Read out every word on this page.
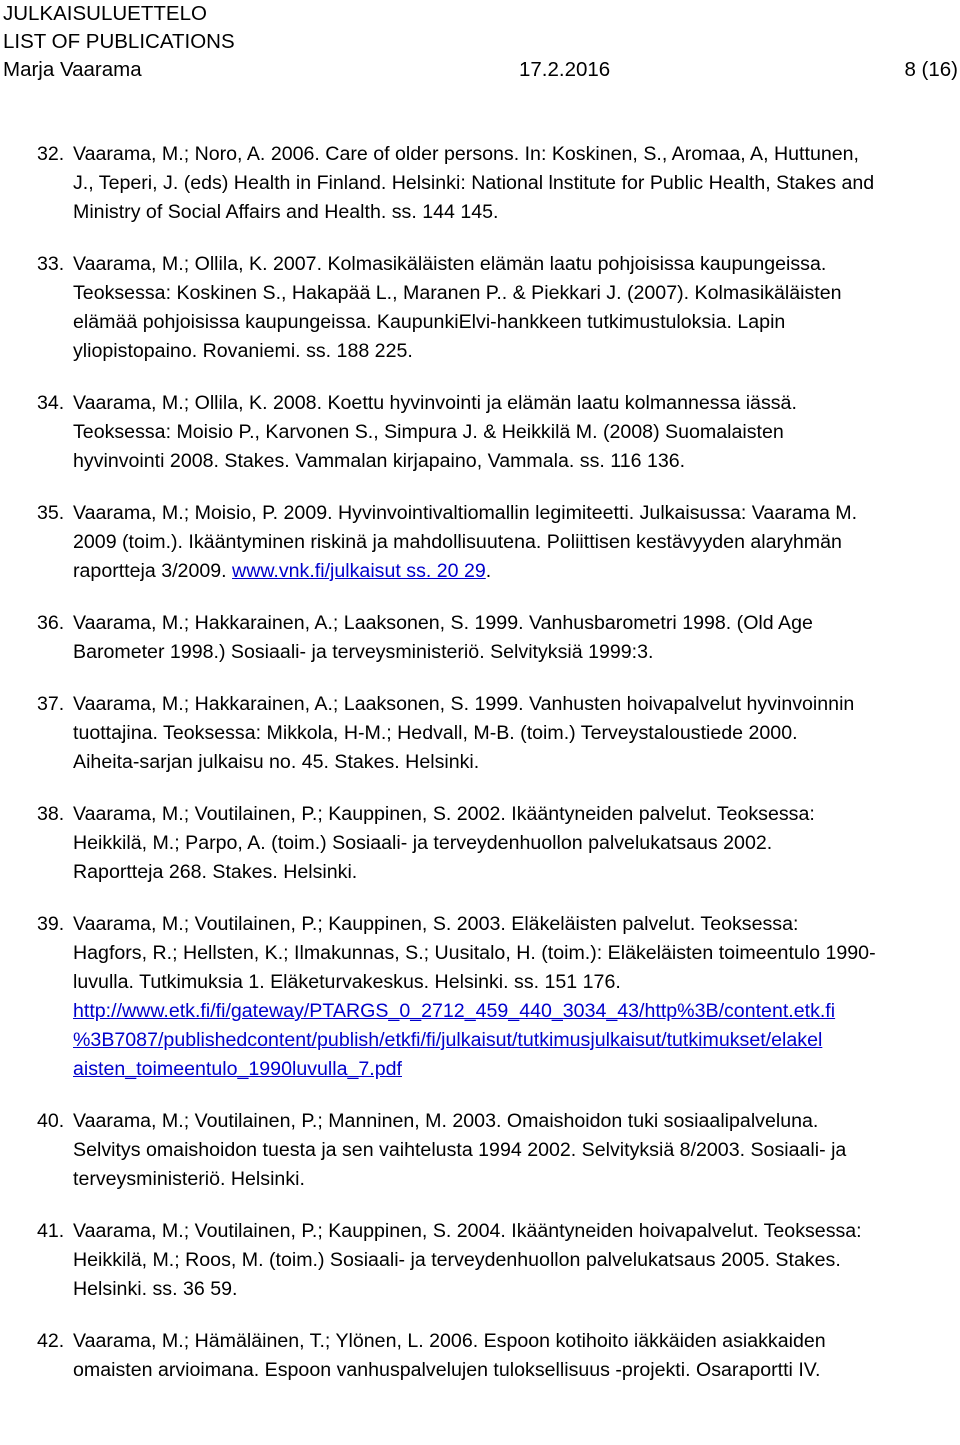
JULKAISULUETTELO
LIST OF PUBLICATIONS
Marja Vaarama	17.2.2016	8 (16)
32. Vaarama, M.; Noro, A. 2006. Care of older persons. In: Koskinen, S., Aromaa, A, Huttunen,
J., Teperi, J. (eds) Health in Finland. Helsinki: National lnstitute for Public Health, Stakes and
Ministry of Social Affairs and Health. ss. 144 145.
33. Vaarama, M.; Ollila, K. 2007. Kolmasikäläisten elämän laatu pohjoisissa kaupungeissa.
Teoksessa: Koskinen S., Hakapää L., Maranen P.. & Piekkari J. (2007). Kolmasikäläisten
elämää pohjoisissa kaupungeissa. KaupunkiElvi-hankkeen tutkimustuloksia. Lapin
yliopistopaino. Rovaniemi. ss. 188 225.
34. Vaarama, M.; Ollila, K. 2008. Koettu hyvinvointi ja elämän laatu kolmannessa iässä.
Teoksessa: Moisio P., Karvonen S., Simpura J. & Heikkilä M. (2008) Suomalaisten
hyvinvointi 2008. Stakes. Vammalan kirjapaino, Vammala. ss. 116 136.
35. Vaarama, M.; Moisio, P. 2009. Hyvinvointivaltiomallin legimiteetti. Julkaisussa: Vaarama M.
2009 (toim.). Ikääntyminen riskinä ja mahdollisuutena. Poliittisen kestävyyden alaryhmän
raportteja 3/2009. www.vnk.fi/julkaisut ss. 20 29.
36. Vaarama, M.; Hakkarainen, A.; Laaksonen, S. 1999. Vanhusbarometri 1998. (Old Age
Barometer 1998.) Sosiaali- ja terveysministeriö. Selvityksiä 1999:3.
37. Vaarama, M.; Hakkarainen, A.; Laaksonen, S. 1999. Vanhusten hoivapalvelut hyvinvoinnin
tuottajina. Teoksessa: Mikkola, H-M.; Hedvall, M-B. (toim.) Terveystaloustiede 2000.
Aiheita-sarjan julkaisu no. 45. Stakes. Helsinki.
38. Vaarama, M.; Voutilainen, P.; Kauppinen, S. 2002. Ikääntyneiden palvelut. Teoksessa:
Heikkilä, M.; Parpo, A. (toim.) Sosiaali- ja terveydenhuollon palvelukatsaus 2002.
Raportteja 268. Stakes. Helsinki.
39. Vaarama, M.; Voutilainen, P.; Kauppinen, S. 2003. Eläkeläisten palvelut. Teoksessa:
Hagfors, R.; Hellsten, K.; Ilmakunnas, S.; Uusitalo, H. (toim.): Eläkeläisten toimeentulo 1990-
luvulla. Tutkimuksia 1. Eläketurvakeskus. Helsinki. ss. 151 176.
http://www.etk.fi/fi/gateway/PTARGS_0_2712_459_440_3034_43/http%3B/content.etk.fi
%3B7087/publishedcontent/publish/etkfi/fi/julkaisut/tutkimusjulkaisut/tutkimukset/elakel
aisten_toimeentulo_1990luvulla_7.pdf
40. Vaarama, M.; Voutilainen, P.; Manninen, M. 2003. Omaishoidon tuki sosiaalipalveluna.
Selvitys omaishoidon tuesta ja sen vaihtelusta 1994 2002. Selvityksiä 8/2003. Sosiaali- ja
terveysministeriö. Helsinki.
41. Vaarama, M.; Voutilainen, P.; Kauppinen, S. 2004. Ikääntyneiden hoivapalvelut. Teoksessa:
Heikkilä, M.; Roos, M. (toim.) Sosiaali- ja terveydenhuollon palvelukatsaus 2005. Stakes.
Helsinki. ss. 36 59.
42. Vaarama, M.; Hämäläinen, T.; Ylönen, L. 2006. Espoon kotihoito iäkkäiden asiakkaiden
omaisten arvioimana. Espoon vanhuspalvelujen tuloksellisuus -projekti. Osaraportti IV.
